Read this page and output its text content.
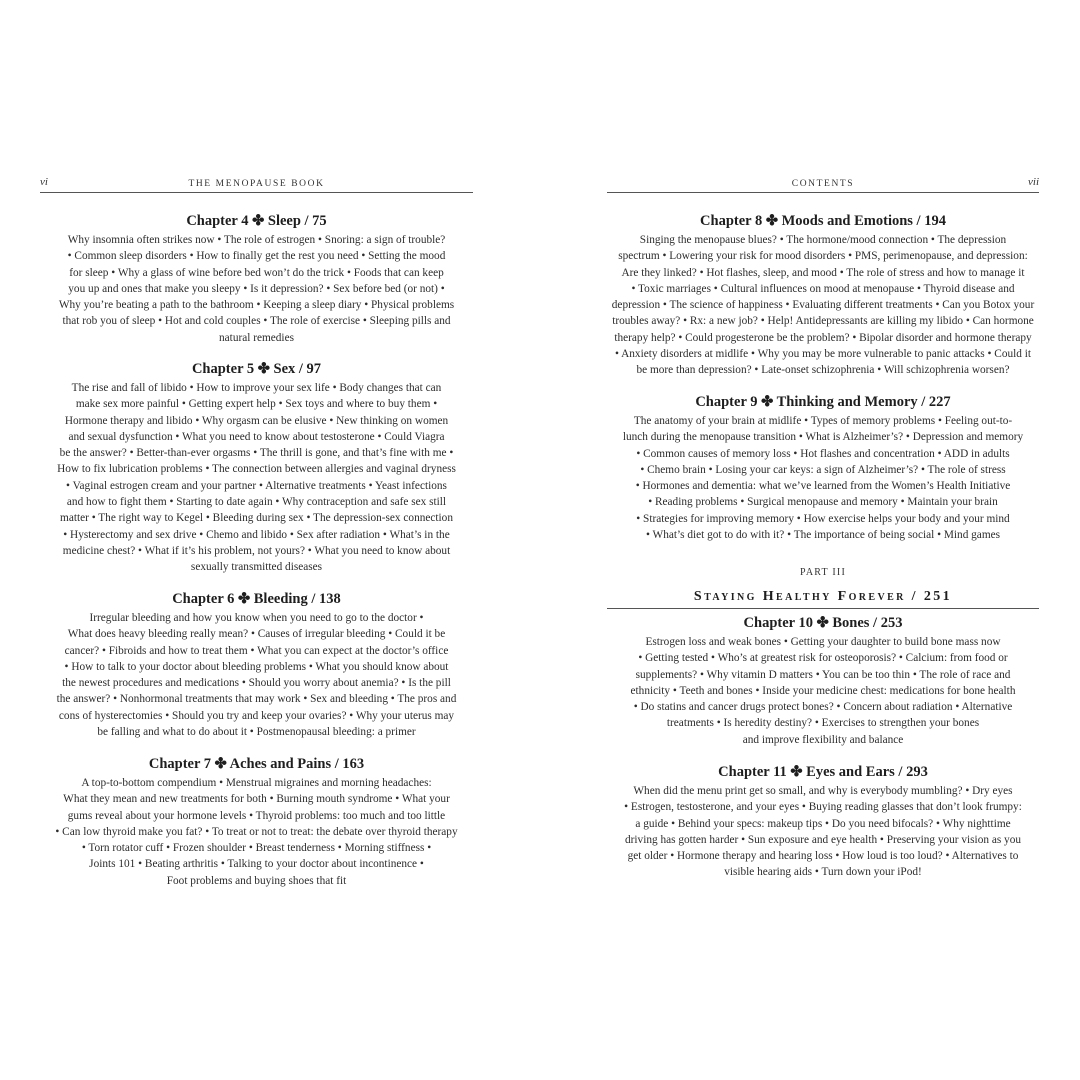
vi	THE MENOPAUSE BOOK
Chapter 4 ✤ Sleep / 75

Why insomnia often strikes now • The role of estrogen • Snoring: a sign of trouble?
• Common sleep disorders • How to finally get the rest you need • Setting the mood
for sleep • Why a glass of wine before bed won’t do the trick • Foods that can keep
you up and ones that make you sleepy • Is it depression? • Sex before bed (or not) •
Why you’re beating a path to the bathroom • Keeping a sleep diary • Physical problems
that rob you of sleep • Hot and cold couples • The role of exercise • Sleeping pills and
natural remedies

Chapter 5 ✤ Sex / 97

The rise and fall of libido • How to improve your sex life • Body changes that can
make sex more painful • Getting expert help • Sex toys and where to buy them •
Hormone therapy and libido • Why orgasm can be elusive • New thinking on women
and sexual dysfunction • What you need to know about testosterone • Could Viagra
be the answer? • Better-than-ever orgasms • The thrill is gone, and that’s fine with me •
How to fix lubrication problems • The connection between allergies and vaginal dryness
• Vaginal estrogen cream and your partner • Alternative treatments • Yeast infections
and how to fight them • Starting to date again • Why contraception and safe sex still
matter • The right way to Kegel • Bleeding during sex • The depression-sex connection
• Hysterectomy and sex drive • Chemo and libido • Sex after radiation • What’s in the
medicine chest? • What if it’s his problem, not yours? • What you need to know about
sexually transmitted diseases

Chapter 6 ✤ Bleeding / 138

Irregular bleeding and how you know when you need to go to the doctor •
What does heavy bleeding really mean? • Causes of irregular bleeding • Could it be
cancer? • Fibroids and how to treat them • What you can expect at the doctor’s office
• How to talk to your doctor about bleeding problems • What you should know about
the newest procedures and medications • Should you worry about anemia? • Is the pill
the answer? • Nonhormonal treatments that may work • Sex and bleeding • The pros and
cons of hysterectomies • Should you try and keep your ovaries? • Why your uterus may
be falling and what to do about it • Postmenopausal bleeding: a primer

Chapter 7 ✤ Aches and Pains / 163

A top-to-bottom compendium • Menstrual migraines and morning headaches:
What they mean and new treatments for both • Burning mouth syndrome • What your
gums reveal about your hormone levels • Thyroid problems: too much and too little
• Can low thyroid make you fat? • To treat or not to treat: the debate over thyroid therapy
• Torn rotator cuff • Frozen shoulder • Breast tenderness • Morning stiffness •
Joints 101 • Beating arthritis • Talking to your doctor about incontinence •
Foot problems and buying shoes that fit

CONTENTS	vii
Chapter 8 ✤ Moods and Emotions / 194

Singing the menopause blues? • The hormone/mood connection • The depression
spectrum • Lowering your risk for mood disorders • PMS, perimenopause, and depression:
Are they linked? • Hot flashes, sleep, and mood • The role of stress and how to manage it
• Toxic marriages • Cultural influences on mood at menopause • Thyroid disease and
depression • The science of happiness • Evaluating different treatments • Can you Botox your
troubles away? • Rx: a new job? • Help! Antidepressants are killing my libido • Can hormone
therapy help? • Could progesterone be the problem? • Bipolar disorder and hormone therapy
• Anxiety disorders at midlife • Why you may be more vulnerable to panic attacks • Could it
be more than depression? • Late-onset schizophrenia • Will schizophrenia worsen?

Chapter 9 ✤ Thinking and Memory / 227

The anatomy of your brain at midlife • Types of memory problems • Feeling out-to-
lunch during the menopause transition • What is Alzheimer’s? • Depression and memory
• Common causes of memory loss • Hot flashes and concentration • ADD in adults
• Chemo brain • Losing your car keys: a sign of Alzheimer’s? • The role of stress
• Hormones and dementia: what we’ve learned from the Women’s Health Initiative
• Reading problems • Surgical menopause and memory • Maintain your brain
• Strategies for improving memory • How exercise helps your body and your mind
• What’s diet got to do with it? • The importance of being social • Mind games

PART III

Staying Healthy Forever / 251
Chapter 10 ✤ Bones / 253

Estrogen loss and weak bones • Getting your daughter to build bone mass now
• Getting tested • Who’s at greatest risk for osteoporosis? • Calcium: from food or
supplements? • Why vitamin D matters • You can be too thin • The role of race and
ethnicity • Teeth and bones • Inside your medicine chest: medications for bone health
• Do statins and cancer drugs protect bones? • Concern about radiation • Alternative
treatments • Is heredity destiny? • Exercises to strengthen your bones
and improve flexibility and balance

Chapter 11 ✤ Eyes and Ears / 293

When did the menu print get so small, and why is everybody mumbling? • Dry eyes
• Estrogen, testosterone, and your eyes • Buying reading glasses that don’t look frumpy:
a guide • Behind your specs: makeup tips • Do you need bifocals? • Why nighttime
driving has gotten harder • Sun exposure and eye health • Preserving your vision as you
get older • Hormone therapy and hearing loss • How loud is too loud? • Alternatives to
visible hearing aids • Turn down your iPod!
